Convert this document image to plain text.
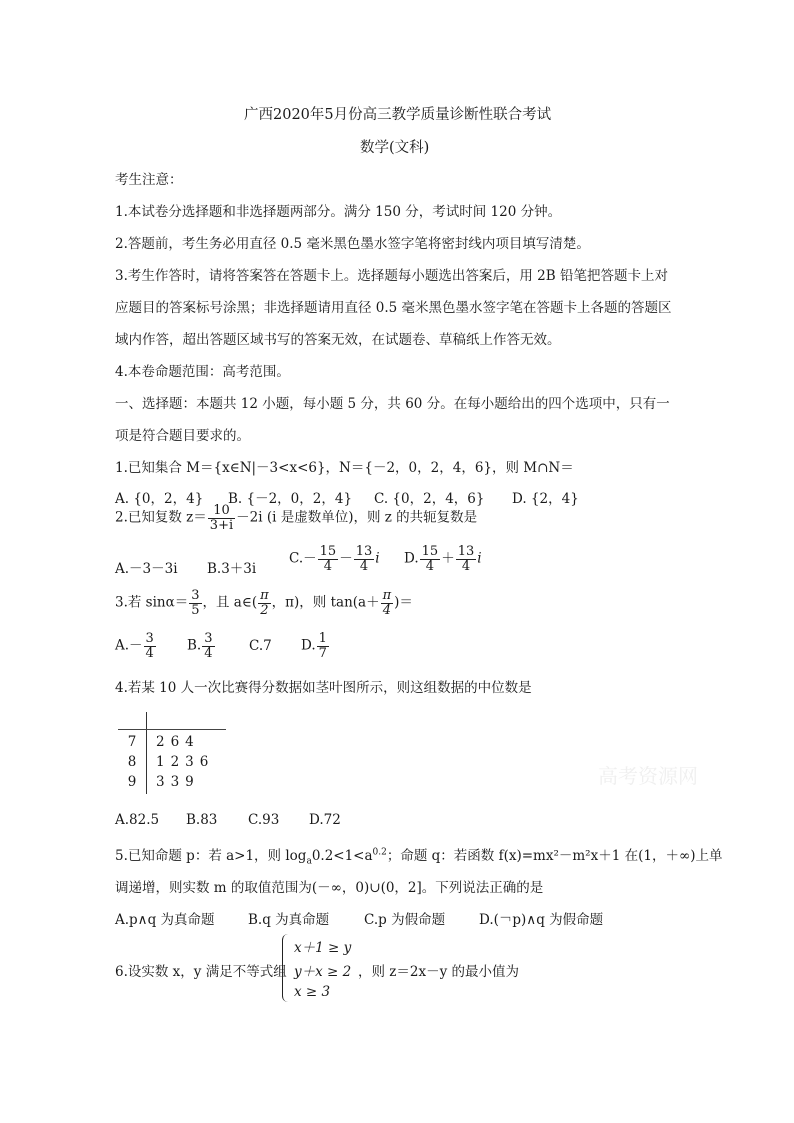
广西2020年5月份高三教学质量诊断性联合考试
数学(文科)
考生注意：
1.本试卷分选择题和非选择题两部分。满分 150 分，考试时间 120 分钟。
2.答题前，考生务必用直径 0.5 毫米黑色墨水签字笔将密封线内项目填写清楚。
3.考生作答时，请将答案答在答题卡上。选择题每小题选出答案后，用 2B 铅笔把答题卡上对
应题目的答案标号涂黑；非选择题请用直径 0.5 毫米黑色墨水签字笔在答题卡上各题的答题区
域内作答，超出答题区域书写的答案无效，在试题卷、草稿纸上作答无效。
4.本卷命题范围：高考范围。
一、选择题：本题共 12 小题，每小题 5 分，共 60 分。在每小题给出的四个选项中，只有一
项是符合题目要求的。
1.已知集合 M＝{x∈N|－3<x<6}，N＝{－2，0，2，4，6}，则 M∩N＝
A. {0，2，4} B. {－2，0，2，4} C. {0，2，4，6} D. {2，4}
2.已知复数 $z= \frac{10}{3+i} -2i$ (i 是虚数单位)，则 z 的共轭复数是
A.－3－3i B.3＋3i
$C.- \frac{15}{4} - \frac{13}{4}$ i D. $\frac{15}{4} + \frac{13}{4}$ i
3.若 $\sin\alpha= \frac{3}{5}$ ，且 a∈( $\frac{\pi}{2}$ ，π)，则 $\tan(a+ \frac{\pi}{4}$ )＝
$A.- \frac{3}{4} B$. $\frac{3}{4}$	C.7 D. $\frac{1}{7}$
4.若某 10 人一次比赛得分数据如茎叶图所示，则这组数据的中位数是
7 264
8 1236
9 339	高考资源网
A.82.5 B.83 C.93 D.72
5.已知命题 p：若 a>1，则 $\log_a0.2<1<a^{0.2}$；命题 q：若函数 f(x)=mx²－m²x＋1 在(1，＋∞)上单
调递增，则实数 m 的取值范围为(－∞，0)∪(0，2]。下列说法正确的是
A.p∧q 为真命题 B.q 为真命题	C.p 为假命题	D.(￢p)∧q 为假命题
6.设实数 x，y 满足不等式组
x＋1 ≥ y
y＋x ≥ 2
x ≥ 3
，则 z＝2x－y 的最小值为
